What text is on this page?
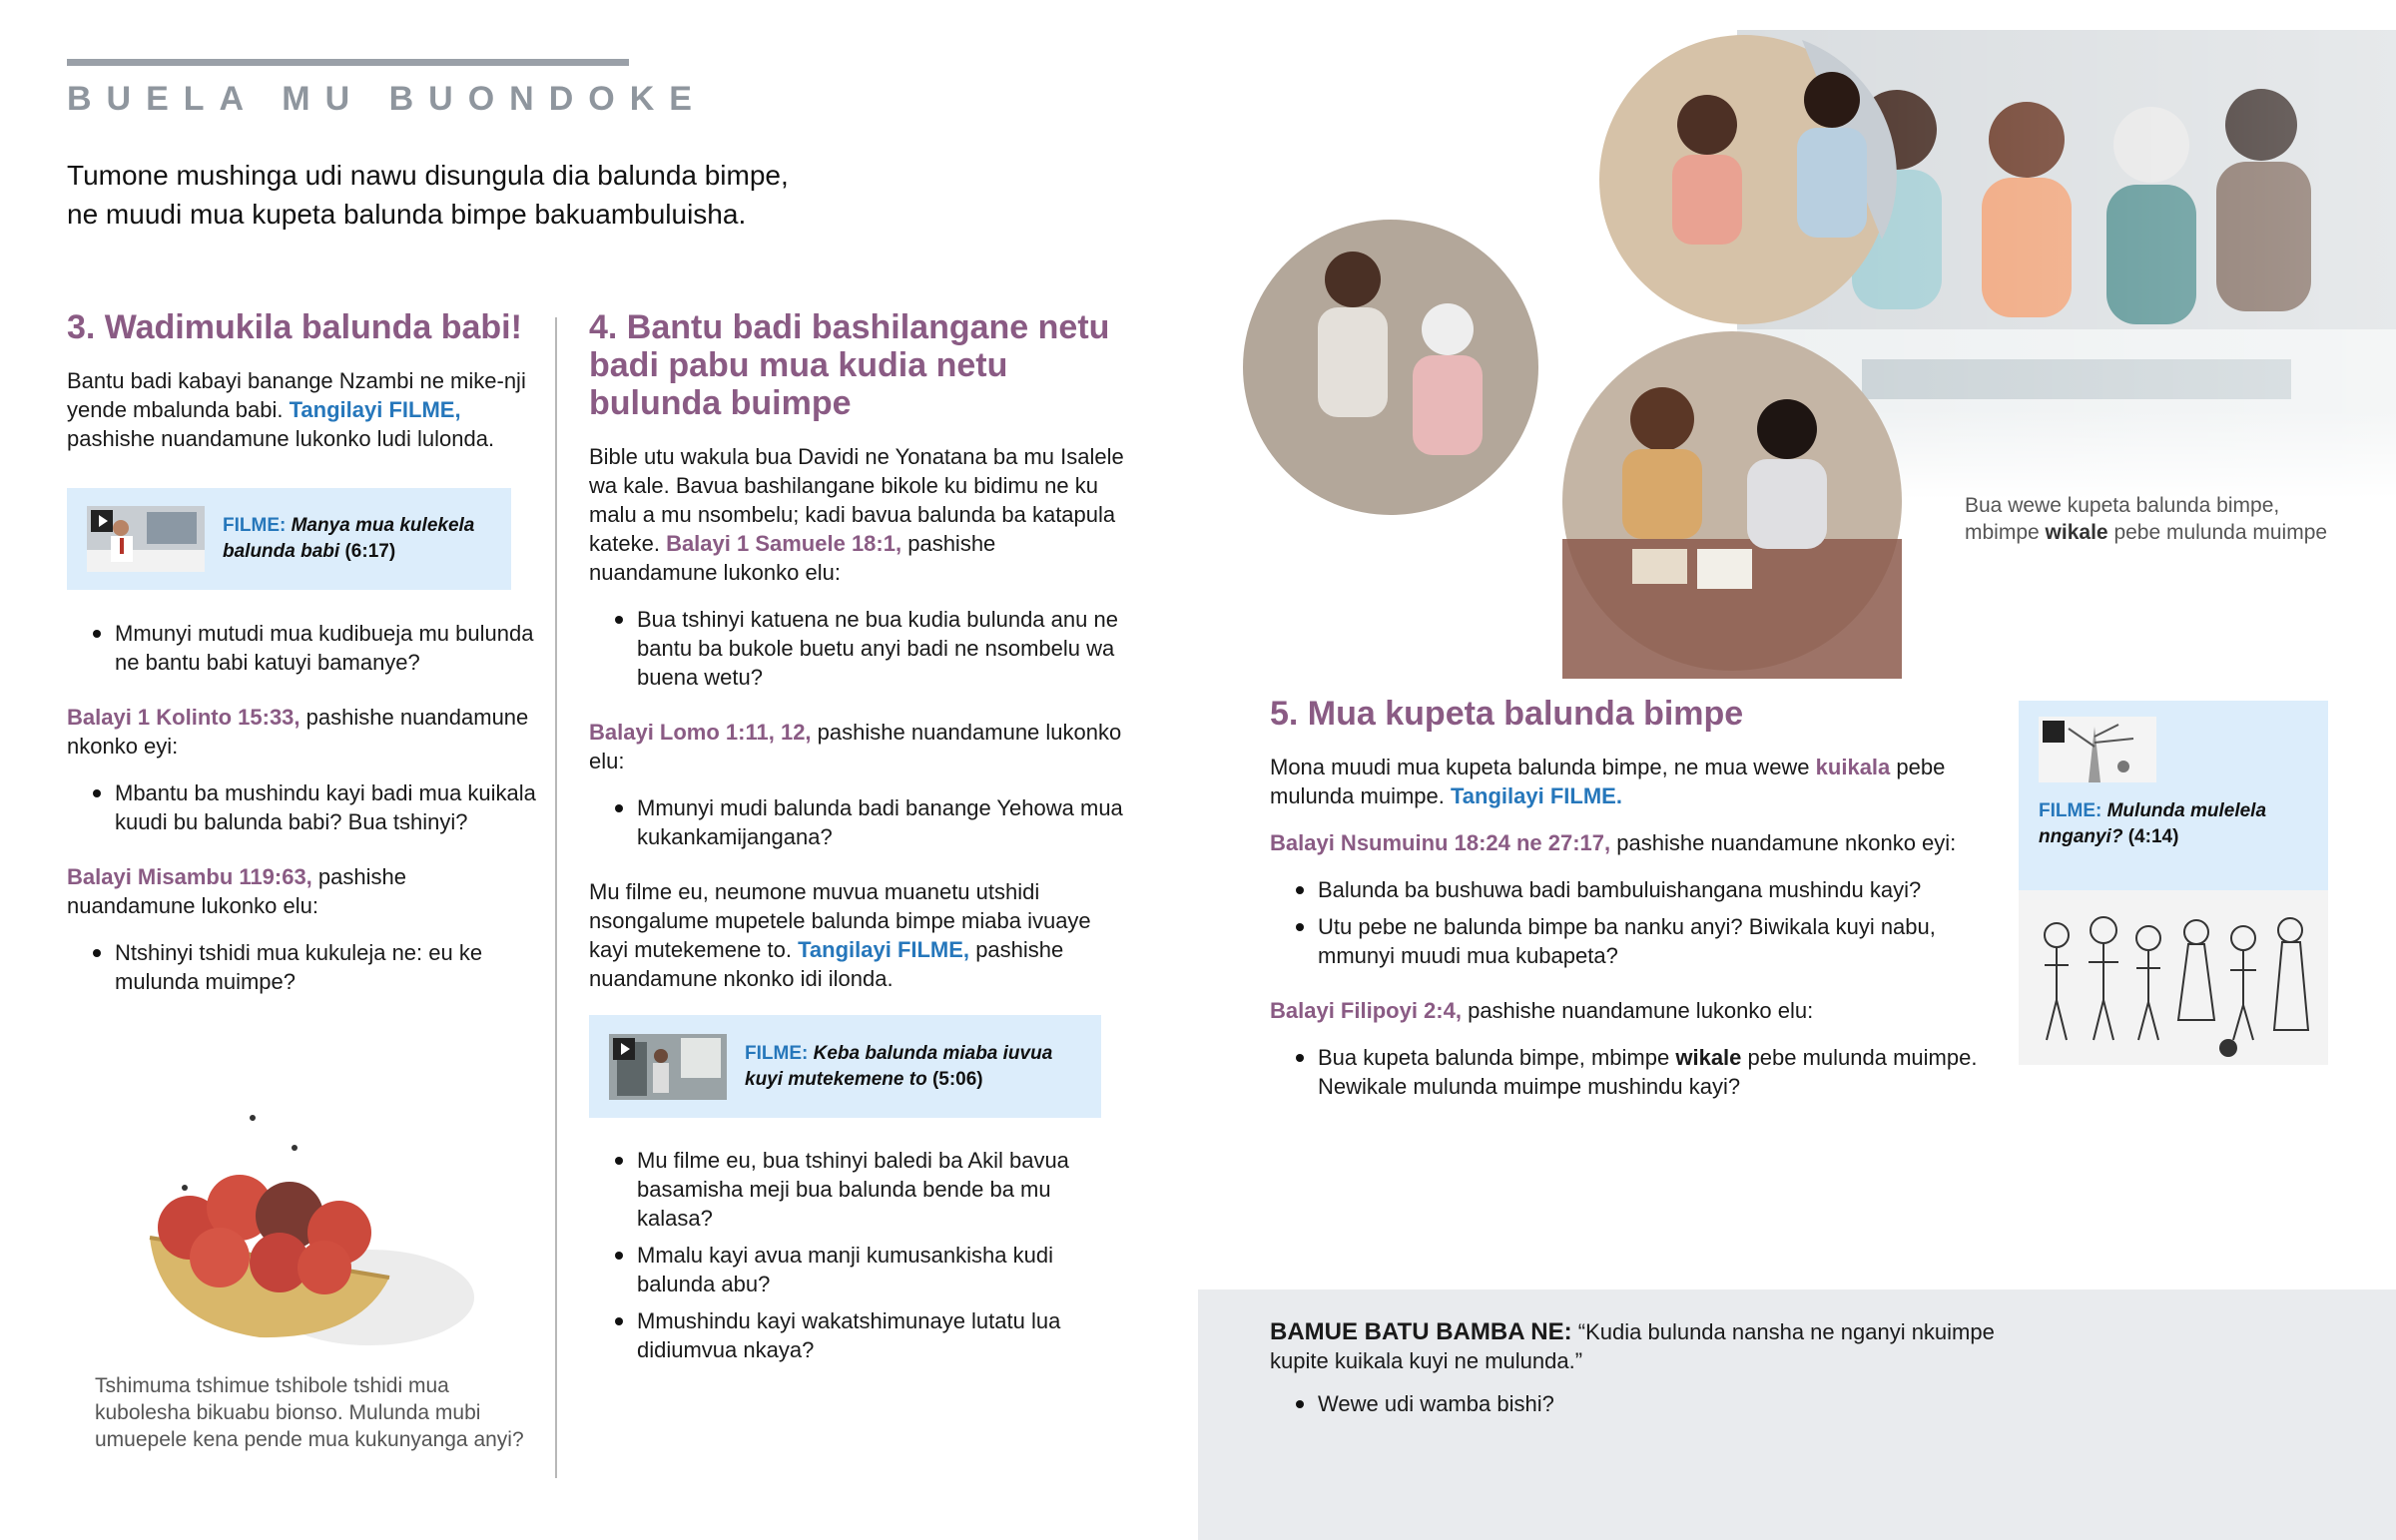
BUELA MU BUONDOKE
Tumone mushinga udi nawu disungula dia balunda bimpe,
ne muudi mua kupeta balunda bimpe bakuambuluisha.
3. Wadimukila balunda babi!

Bantu badi kabayi banange Nzambi ne mike-nji yende mbalunda babi. Tangilayi FILME, pashishe nuandamune lukonko ludi lulonda.

FILME: Manya mua kulekela balunda babi (6:17)
Mmunyi mutudi mua kudibueja mu bulunda ne bantu babi katuyi bamanye?

Balayi 1 Kolinto 15:33, pashishe nuandamune nkonko eyi:

Mbantu ba mushindu kayi badi mua kuikala kuudi bu balunda babi? Bua tshinyi?

Balayi Misambu 119:63, pashishe nuandamune lukonko elu:

Ntshinyi tshidi mua kukuleja ne: eu ke mulunda muimpe?
Tshimuma tshimue tshibole tshidi mua
kubolesha bikuabu bionso. Mulunda mubi
umuepele kena pende mua kukunyanga anyi?
4. Bantu badi bashilangane netu badi pabu mua kudia netu bulunda buimpe

Bible utu wakula bua Davidi ne Yonatana ba mu Isalele wa kale. Bavua bashilangane bikole ku bidimu ne ku malu a mu nsombelu; kadi bavua balunda ba katapula kateke. Balayi 1 Samuele 18:1, pashishe nuandamune lukonko elu:

Bua tshinyi katuena ne bua kudia bulunda anu ne bantu ba bukole buetu anyi badi ne nsombelu wa buena wetu?

Balayi Lomo 1:11, 12, pashishe nuandamune lukonko elu:

Mmunyi mudi balunda badi banange Yehowa mua kukankamijangana?

Mu filme eu, neumone muvua muanetu utshidi nsongalume mupetele balunda bimpe miaba ivuaye kayi mutekemene to. Tangilayi FILME, pashishe nuandamune nkonko idi ilonda.

FILME: Keba balunda miaba iuvua kuyi mutekemene to (5:06)
Mu filme eu, bua tshinyi baledi ba Akil bavua basamisha meji bua balunda bende ba mu kalasa?
Mmalu kayi avua manji kumusankisha kudi balunda abu?
Mmushindu kayi wakatshimunaye lutatu lua didiumvua nkaya?
Bua wewe kupeta balunda bimpe,
mbimpe wikale pebe mulunda muimpe
5. Mua kupeta balunda bimpe

Mona muudi mua kupeta balunda bimpe, ne mua wewe kuikala pebe mulunda muimpe. Tangilayi FILME.

Balayi Nsumuinu 18:24 ne 27:17, pashishe nuandamune nkonko eyi:

Balunda ba bushuwa badi bambuluishangana mushindu kayi?
Utu pebe ne balunda bimpe ba nanku anyi? Biwikala kuyi nabu, mmunyi muudi mua kubapeta?

Balayi Filipoyi 2:4, pashishe nuandamune lukonko elu:

Bua kupeta balunda bimpe, mbimpe wikale pebe mulunda muimpe. Newikale mulunda muimpe mushindu kayi?
FILME: Mulunda mulelela nnganyi? (4:14)

BAMUE BATU BAMBA NE: “Kudia bulunda nansha ne nganyi nkuimpe kupite kuikala kuyi ne mulunda.”

Wewe udi wamba bishi?
